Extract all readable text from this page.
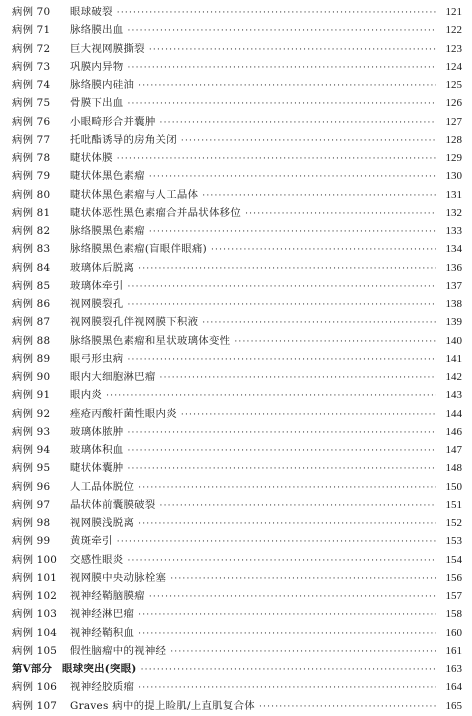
病例 70	眼球破裂 ·····	121
病例 71	脉络膜出血 ·····	122
病例 72	巨大视网膜撕裂 ·····	123
病例 73	巩膜内异物 ·····	124
病例 74	脉络膜内硅油 ·····	125
病例 75	骨膜下出血 ·····	126
病例 76	小眼畸形合并囊肿 ·····	127
病例 77	托吡酯诱导的房角关闭 ·····	128
病例 78	睫状体膜 ·····	129
病例 79	睫状体黑色素瘤 ·····	130
病例 80	睫状体黑色素瘤与人工晶体 ·····	131
病例 81	睫状体恶性黑色素瘤合并晶状体移位 ·····	132
病例 82	脉络膜黑色素瘤 ·····	133
病例 83	脉络膜黑色素瘤(盲眼伴眼痛) ·····	134
病例 84	玻璃体后脱离 ·····	136
病例 85	玻璃体牵引 ·····	137
病例 86	视网膜裂孔 ·····	138
病例 87	视网膜裂孔伴视网膜下积液 ·····	139
病例 88	脉络膜黑色素瘤和星状玻璃体变性 ·····	140
病例 89	眼弓形虫病 ·····	141
病例 90	眼内大细胞淋巴瘤 ·····	142
病例 91	眼内炎 ·····	143
病例 92	痤疮丙酸杆菌性眼内炎 ·····	144
病例 93	玻璃体脓肿 ·····	146
病例 94	玻璃体积血 ·····	147
病例 95	睫状体囊肿 ·····	148
病例 96	人工晶体脱位 ·····	150
病例 97	晶状体前囊膜破裂 ·····	151
病例 98	视网膜浅脱离 ·····	152
病例 99	黄斑牵引 ·····	153
病例 100	交感性眼炎 ·····	154
病例 101	视网膜中央动脉栓塞 ·····	156
病例 102	视神经鞘脑膜瘤 ·····	157
病例 103	视神经淋巴瘤 ·····	158
病例 104	视神经鞘积血 ·····	160
病例 105	假性脑瘤中的视神经 ·····	161
第Ⅴ部分 眼球突出(突眼) ·····	163
病例 106	视神经胶质瘤 ·····	164
病例 107	Graves 病中的提上睑肌/上直肌复合体 ·····	165
